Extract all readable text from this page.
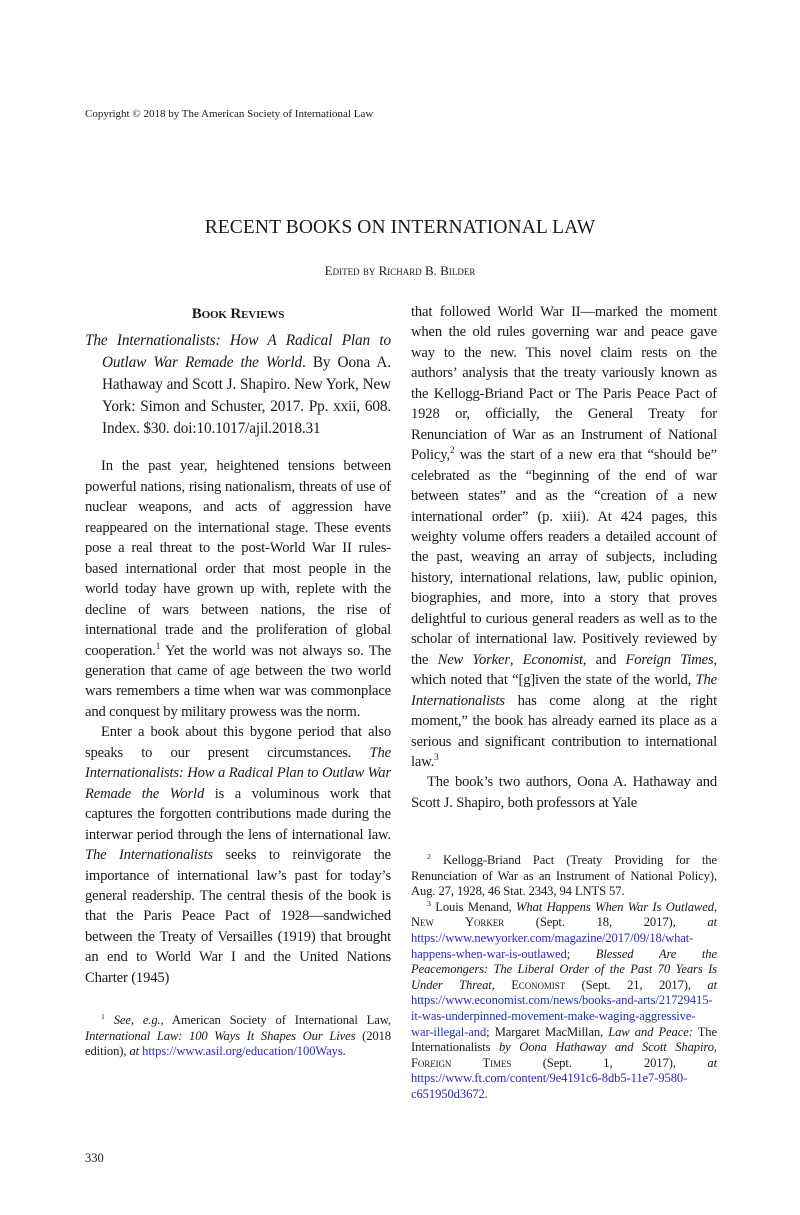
Copyright © 2018 by The American Society of International Law
RECENT BOOKS ON INTERNATIONAL LAW
Edited by Richard B. Bilder
Book Reviews
The Internationalists: How A Radical Plan to Outlaw War Remade the World. By Oona A. Hathaway and Scott J. Shapiro. New York, New York: Simon and Schuster, 2017. Pp. xxii, 608. Index. $30. doi:10.1017/ajil.2018.31

In the past year, heightened tensions between powerful nations, rising nationalism, threats of use of nuclear weapons, and acts of aggression have reappeared on the international stage. These events pose a real threat to the post-World War II rules-based international order that most people in the world today have grown up with, replete with the decline of wars between nations, the rise of international trade and the proliferation of global cooperation.$^1$ Yet the world was not always so. The generation that came of age between the two world wars remembers a time when war was commonplace and conquest by military prowess was the norm.

Enter a book about this bygone period that also speaks to our present circumstances. The Internationalists: How a Radical Plan to Outlaw War Remade the World is a voluminous work that captures the forgotten contributions made during the interwar period through the lens of international law. The Internationalists seeks to reinvigorate the importance of international law’s past for today’s general readership. The central thesis of the book is that the Paris Peace Pact of 1928—sandwiched between the Treaty of Versailles (1919) that brought an end to World War I and the United Nations Charter (1945)

that followed World War II—marked the moment when the old rules governing war and peace gave way to the new. This novel claim rests on the authors’ analysis that the treaty variously known as the Kellogg-Briand Pact or The Paris Peace Pact of 1928 or, officially, the General Treaty for Renunciation of War as an Instrument of National Policy,$^2$ was the start of a new era that “should be” celebrated as the “beginning of the end of war between states” and as the “creation of a new international order” (p. xiii). At 424 pages, this weighty volume offers readers a detailed account of the past, weaving an array of subjects, including history, international relations, law, public opinion, biographies, and more, into a story that proves delightful to curious general readers as well as to the scholar of international law. Positively reviewed by the New Yorker, Economist, and Foreign Times, which noted that “[g]iven the state of the world, The Internationalists has come along at the right moment,” the book has already earned its place as a serious and significant contribution to international law.$^3$

The book’s two authors, Oona A. Hathaway and Scott J. Shapiro, both professors at Yale

$^1$ See, e.g., American Society of International Law, International Law: 100 Ways It Shapes Our Lives (2018 edition), at https://www.asil.org/education/100Ways.

$^2$ Kellogg-Briand Pact (Treaty Providing for the Renunciation of War as an Instrument of National Policy), Aug. 27, 1928, 46 Stat. 2343, 94 LNTS 57.

$^3$ Louis Menand, What Happens When War Is Outlawed, New Yorker (Sept. 18, 2017), at https://www.newyorker.com/magazine/2017/09/18/what-happens-when-war-is-outlawed; Blessed Are the Peacemongers: The Liberal Order of the Past 70 Years Is Under Threat, Economist (Sept. 21, 2017), at https://www.economist.com/news/books-and-arts/21729415-it-was-underpinned-movement-make-waging-aggressive-war-illegal-and; Margaret MacMillan, Law and Peace: The Internationalists by Oona Hathaway and Scott Shapiro, Foreign Times (Sept. 1, 2017), at https://www.ft.com/content/9e4191c6-8db5-11e7-9580-c651950d3672.

330
